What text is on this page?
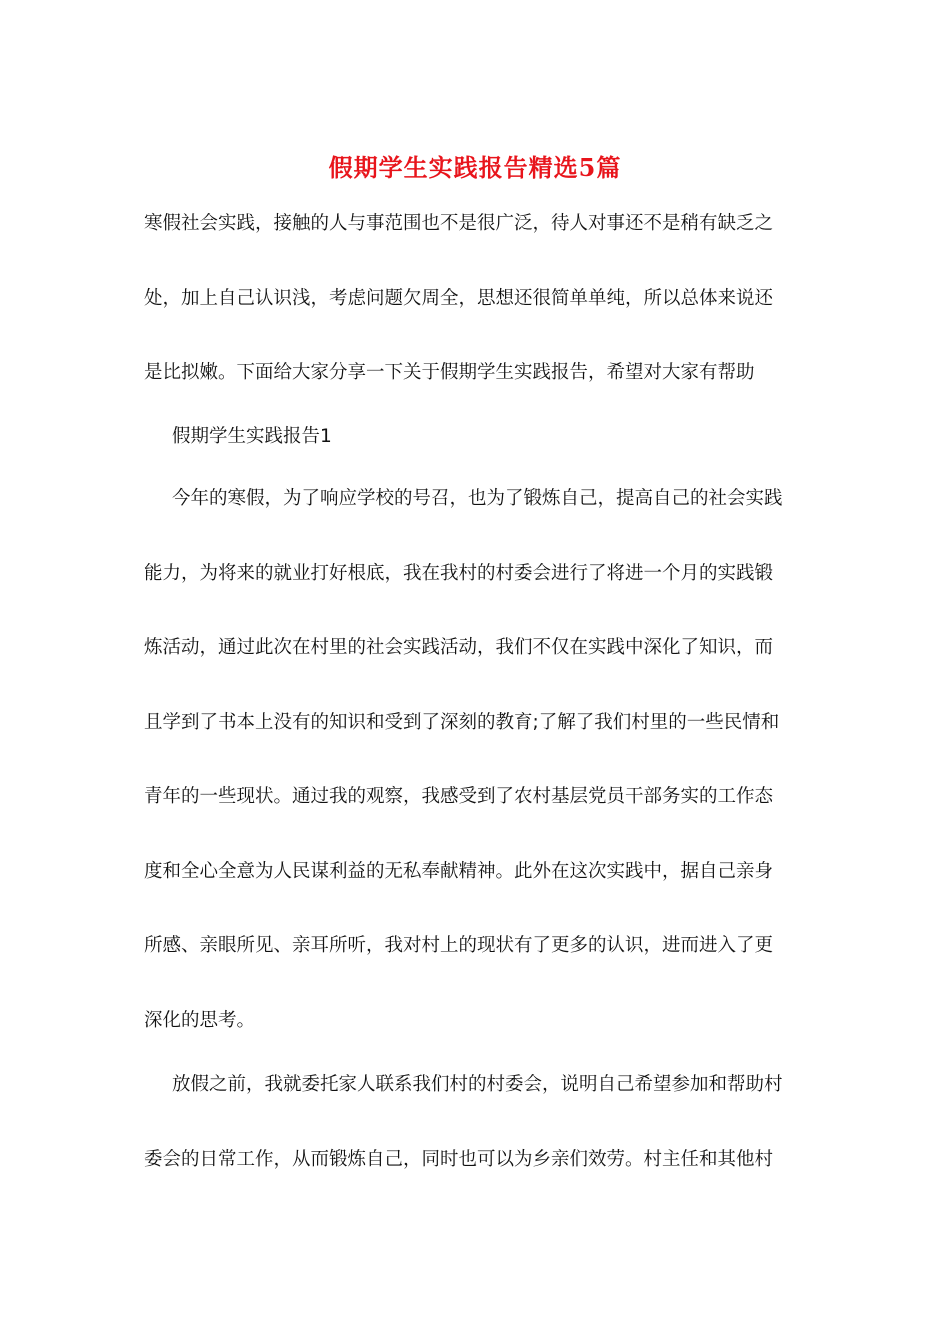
假期学生实践报告精选5篇
寒假社会实践，接触的人与事范围也不是很广泛，待人对事还不是稍有缺乏之
处，加上自己认识浅，考虑问题欠周全，思想还很简单单纯，所以总体来说还
是比拟嫩。下面给大家分享一下关于假期学生实践报告，希望对大家有帮助
假期学生实践报告1
今年的寒假，为了响应学校的号召，也为了锻炼自己，提高自己的社会实践
能力，为将来的就业打好根底，我在我村的村委会进行了将进一个月的实践锻
炼活动，通过此次在村里的社会实践活动，我们不仅在实践中深化了知识，而
且学到了书本上没有的知识和受到了深刻的教育;了解了我们村里的一些民情和
青年的一些现状。通过我的观察，我感受到了农村基层党员干部务实的工作态
度和全心全意为人民谋利益的无私奉献精神。此外在这次实践中，据自己亲身
所感、亲眼所见、亲耳所听，我对村上的现状有了更多的认识，进而进入了更
深化的思考。
放假之前，我就委托家人联系我们村的村委会，说明自己希望参加和帮助村
委会的日常工作，从而锻炼自己，同时也可以为乡亲们效劳。村主任和其他村
